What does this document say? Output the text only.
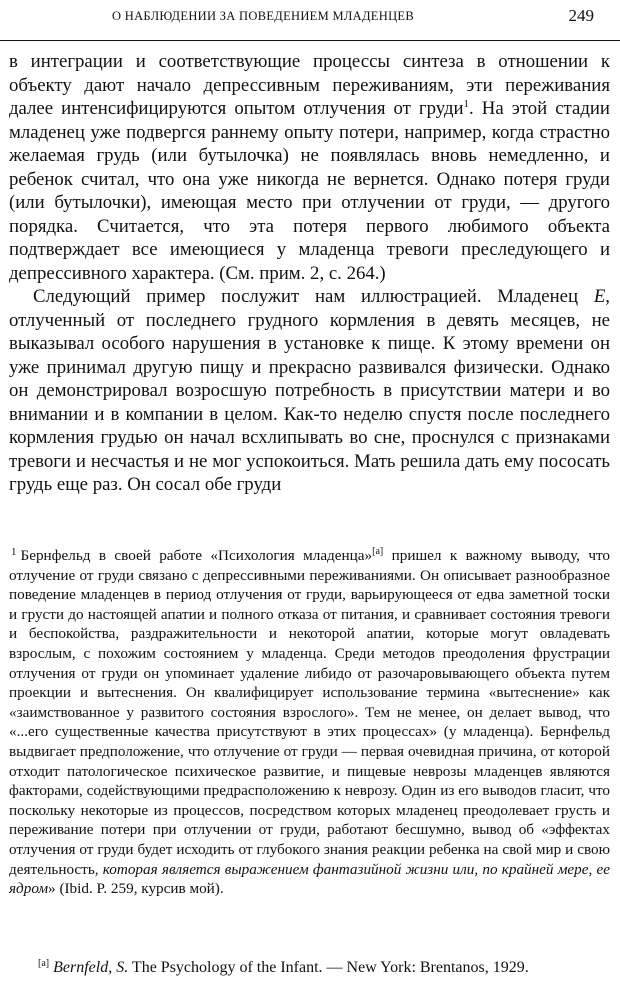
О НАБЛЮДЕНИИ ЗА ПОВЕДЕНИЕМ МЛАДЕНЦЕВ	249

в интеграции и соответствующие процессы синтеза в отношении к объекту дают начало депрессивным переживаниям, эти переживания далее интенсифицируются опытом отлучения от груди$^1$. На этой стадии младенец уже подвергся раннему опыту потери, например, когда страстно желаемая грудь (или бутылочка) не появлялась вновь немедленно, и ребенок считал, что она уже никогда не вернется. Однако потеря груди (или бутылочки), имеющая место при отлучении от груди, — другого порядка. Считается, что эта потеря первого любимого объекта подтверждает все имеющиеся у младенца тревоги преследующего и депрессивного характера. (См. прим. 2, с. 264.)

Следующий пример послужит нам иллюстрацией. Младенец E, отлученный от последнего грудного кормления в девять месяцев, не выказывал особого нарушения в установке к пище. К этому времени он уже принимал другую пищу и прекрасно развивался физически. Однако он демонстрировал возросшую потребность в присутствии матери и во внимании и в компании в целом. Как-то неделю спустя после последнего кормления грудью он начал всхлипывать во сне, проснулся с признаками тревоги и несчастья и не мог успокоиться. Мать решила дать ему пососать грудь еще раз. Он сосал обе груди

$^1$ Бернфельд в своей работе «Психология младенца»[a] пришел к важному выводу, что отлучение от груди связано с депрессивными переживаниями. Он описывает разнообразное поведение младенцев в период отлучения от груди, варьирующееся от едва заметной тоски и грусти до настоящей апатии и полного отказа от питания, и сравнивает состояния тревоги и беспокойства, раздражительности и некоторой апатии, которые могут овладевать взрослым, с похожим состоянием у младенца. Среди методов преодоления фрустрации отлучения от груди он упоминает удаление либидо от разочаровывающего объекта путем проекции и вытеснения. Он квалифицирует использование термина «вытеснение» как «заимствованное у развитого состояния взрослого». Тем не менее, он делает вывод, что «...его существенные качества присутствуют в этих процессах» (у младенца). Бернфельд выдвигает предположение, что отлучение от груди — первая очевидная причина, от которой отходит патологическое психическое развитие, и пищевые неврозы младенцев являются факторами, содействующими предрасположению к неврозу. Один из его выводов гласит, что поскольку некоторые из процессов, посредством которых младенец преодолевает грусть и переживание потери при отлучении от груди, работают бесшумно, вывод об «эффектах отлучения от груди будет исходить от глубокого знания реакции ребенка на свой мир и свою деятельность, которая является выражением фантазийной жизни или, по крайней мере, ее ядром» (Ibid. P. 259, курсив мой).

[a] Bernfeld, S. The Psychology of the Infant. — New York: Brentanos, 1929.
